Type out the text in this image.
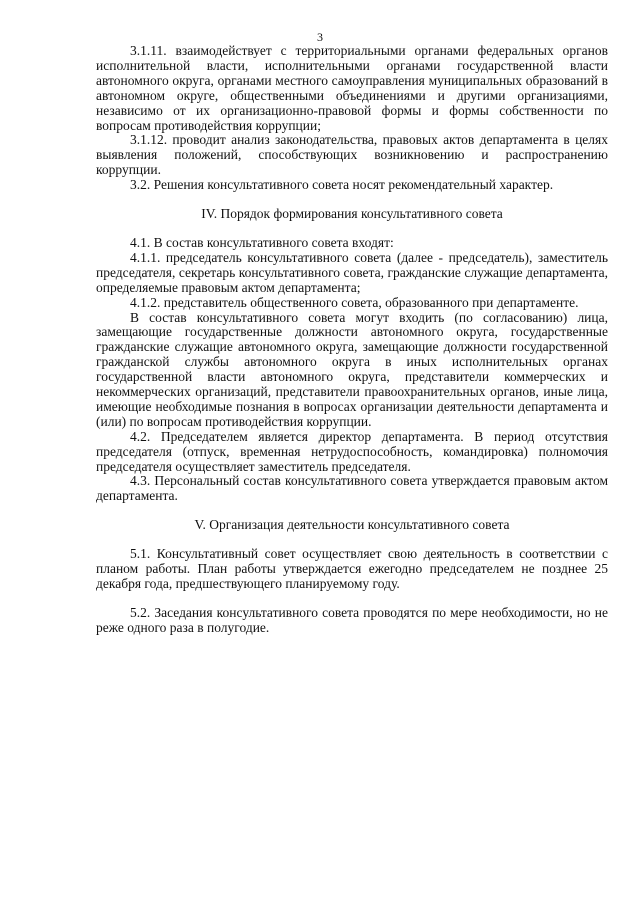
3

3.1.11. взаимодействует с территориальными органами федеральных органов исполнительной власти, исполнительными органами государственной власти автономного округа, органами местного самоуправления муниципальных образований в автономном округе, общественными объединениями и другими организациями, независимо от их организационно-правовой формы и формы собственности по вопросам противодействия коррупции;

3.1.12. проводит анализ законодательства, правовых актов департамента в целях выявления положений, способствующих возникновению и распространению коррупции.

3.2. Решения консультативного совета носят рекомендательный характер.

IV. Порядок формирования консультативного совета

4.1. В состав консультативного совета входят:

4.1.1. председатель консультативного совета (далее - председатель), заместитель председателя, секретарь консультативного совета, гражданские служащие департамента, определяемые правовым актом департамента;

4.1.2. представитель общественного совета, образованного при департаменте.

В состав консультативного совета могут входить (по согласованию) лица, замещающие государственные должности автономного округа, государственные гражданские служащие автономного округа, замещающие должности государственной гражданской службы автономного округа в иных исполнительных органах государственной власти автономного округа, представители коммерческих и некоммерческих организаций, представители правоохранительных органов, иные лица, имеющие необходимые познания в вопросах организации деятельности департамента и (или) по вопросам противодействия коррупции.

4.2. Председателем является директор департамента. В период отсутствия председателя (отпуск, временная нетрудоспособность, командировка) полномочия председателя осуществляет заместитель председателя.

4.3. Персональный состав консультативного совета утверждается правовым актом департамента.

V. Организация деятельности консультативного совета

5.1. Консультативный совет осуществляет свою деятельность в соответствии с планом работы. План работы утверждается ежегодно председателем не позднее 25 декабря года, предшествующего планируемому году.

5.2. Заседания консультативного совета проводятся по мере необходимости, но не реже одного раза в полугодие.
